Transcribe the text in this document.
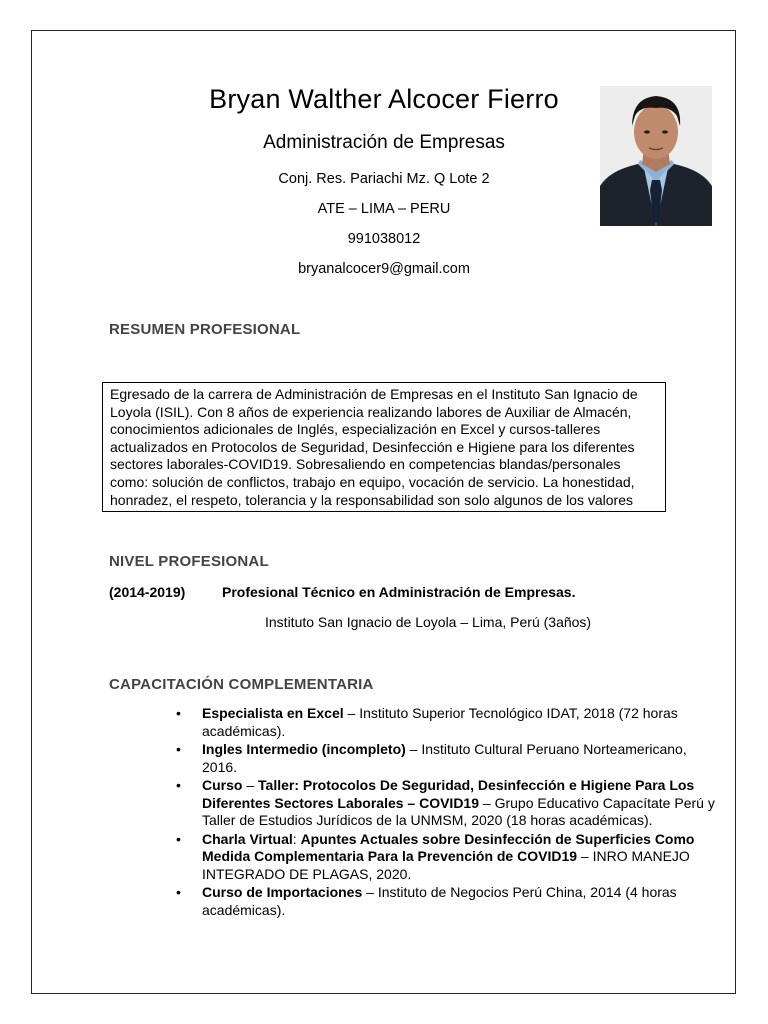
Bryan Walther Alcocer Fierro
Administración de Empresas
Conj. Res. Pariachi Mz. Q Lote 2
ATE – LIMA – PERU
991038012
bryanalcocer9@gmail.com
RESUMEN PROFESIONAL
Egresado de la carrera de Administración de Empresas en el Instituto San Ignacio de Loyola (ISIL). Con 8 años de experiencia realizando labores de Auxiliar de Almacén, conocimientos adicionales de Inglés, especialización en Excel y cursos-talleres actualizados en Protocolos de Seguridad, Desinfección e Higiene para los diferentes sectores laborales-COVID19. Sobresaliendo en competencias blandas/personales como: solución de conflictos, trabajo en equipo, vocación de servicio. La honestidad, honradez, el respeto, tolerancia y la responsabilidad son solo algunos de los valores
NIVEL PROFESIONAL
(2014-2019)	Profesional Técnico en Administración de Empresas.
Instituto San Ignacio de Loyola – Lima, Perú (3años)
CAPACITACIÓN COMPLEMENTARIA
• Especialista en Excel – Instituto Superior Tecnológico IDAT, 2018 (72 horas académicas).
• Ingles Intermedio (incompleto) – Instituto Cultural Peruano Norteamericano, 2016.
• Curso – Taller: Protocolos De Seguridad, Desinfección e Higiene Para Los Diferentes Sectores Laborales – COVID19 – Grupo Educativo Capacítate Perú y Taller de Estudios Jurídicos de la UNMSM, 2020 (18 horas académicas).
• Charla Virtual: Apuntes Actuales sobre Desinfección de Superficies Como Medida Complementaria Para la Prevención de COVID19 – INRO MANEJO INTEGRADO DE PLAGAS, 2020.
• Curso de Importaciones – Instituto de Negocios Perú China, 2014 (4 horas académicas).
